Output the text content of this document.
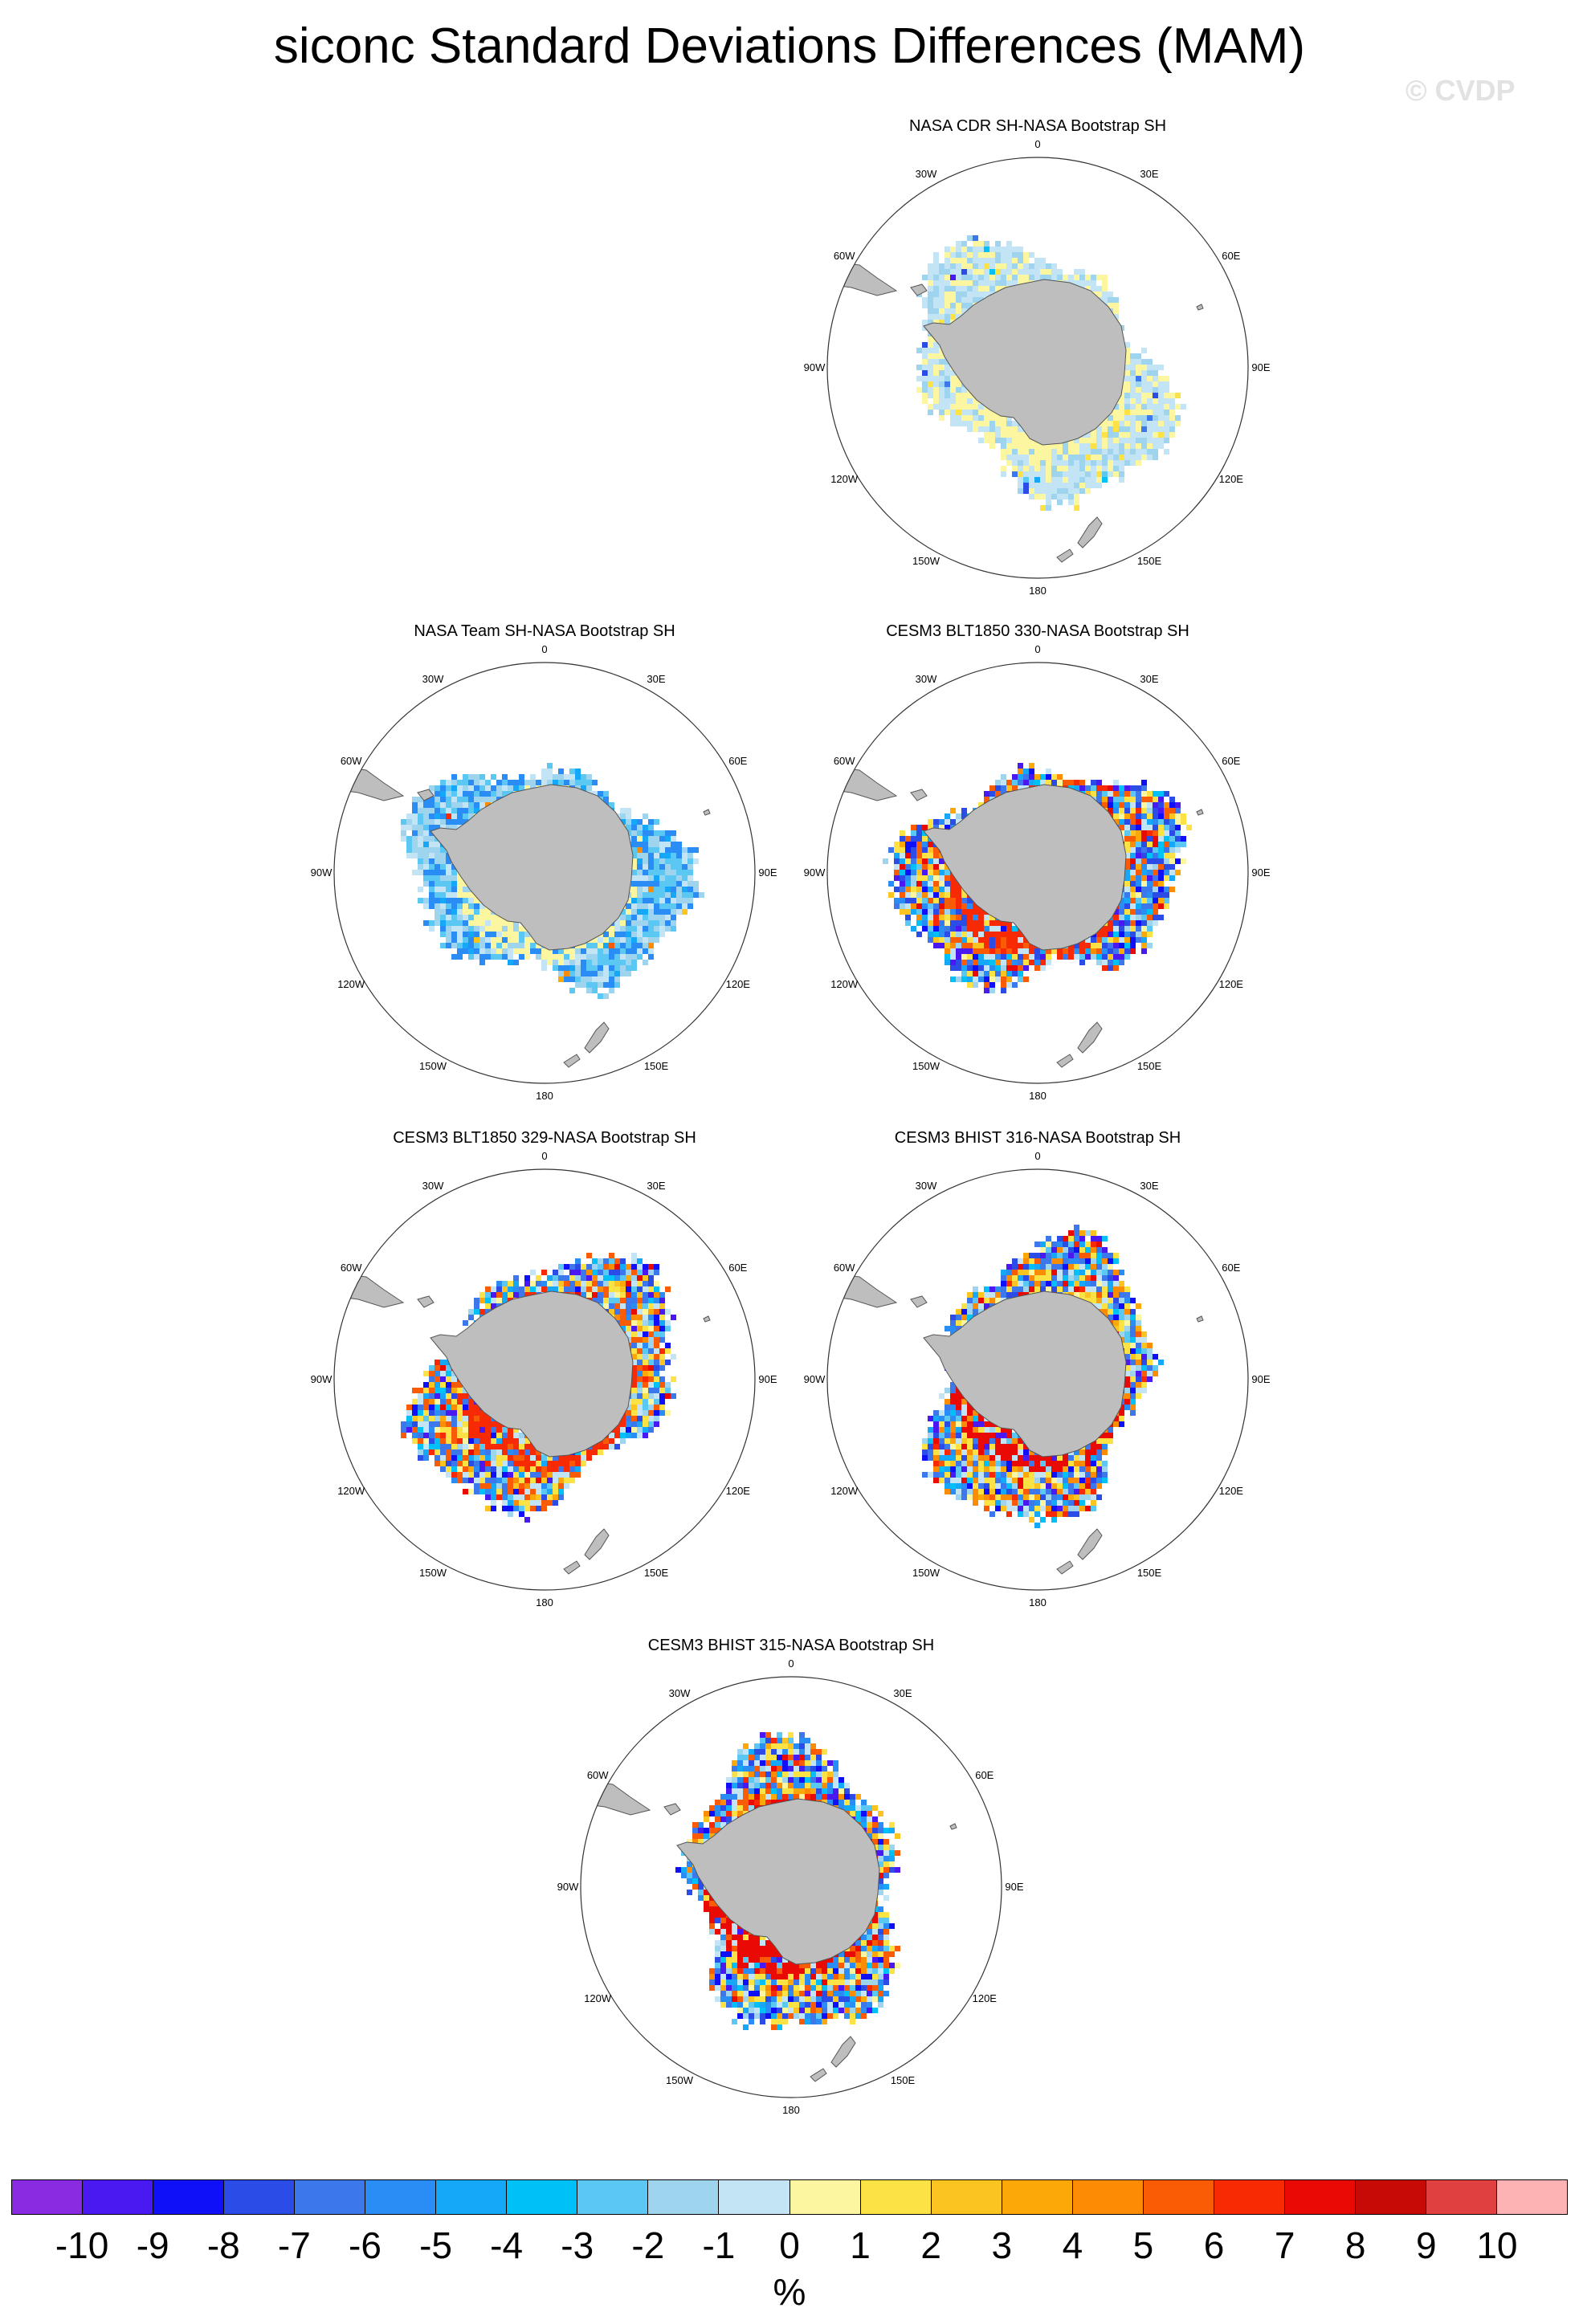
siconc Standard Deviations Differences (MAM)
© CVDP
NASA CDR SH-NASA Bootstrap SH
0
30E
60E
90E
120E
150E
180
150W
120W
90W
60W
30W
NASA Team SH-NASA Bootstrap SH
0
30E
60E
90E
120E
150E
180
150W
120W
90W
60W
30W
CESM3 BLT1850 330-NASA Bootstrap SH
0
30E
60E
90E
120E
150E
180
150W
120W
90W
60W
30W
CESM3 BLT1850 329-NASA Bootstrap SH
0
30E
60E
90E
120E
150E
180
150W
120W
90W
60W
30W
CESM3 BHIST 316-NASA Bootstrap SH
0
30E
60E
90E
120E
150E
180
150W
120W
90W
60W
30W
CESM3 BHIST 315-NASA Bootstrap SH
0
30E
60E
90E
120E
150E
180
150W
120W
90W
60W
30W
-10 -9	-8	-7	-6	-5	-4	-3	-2	-1	0	1	2	3	4	5	6	7	8	9	10
%
